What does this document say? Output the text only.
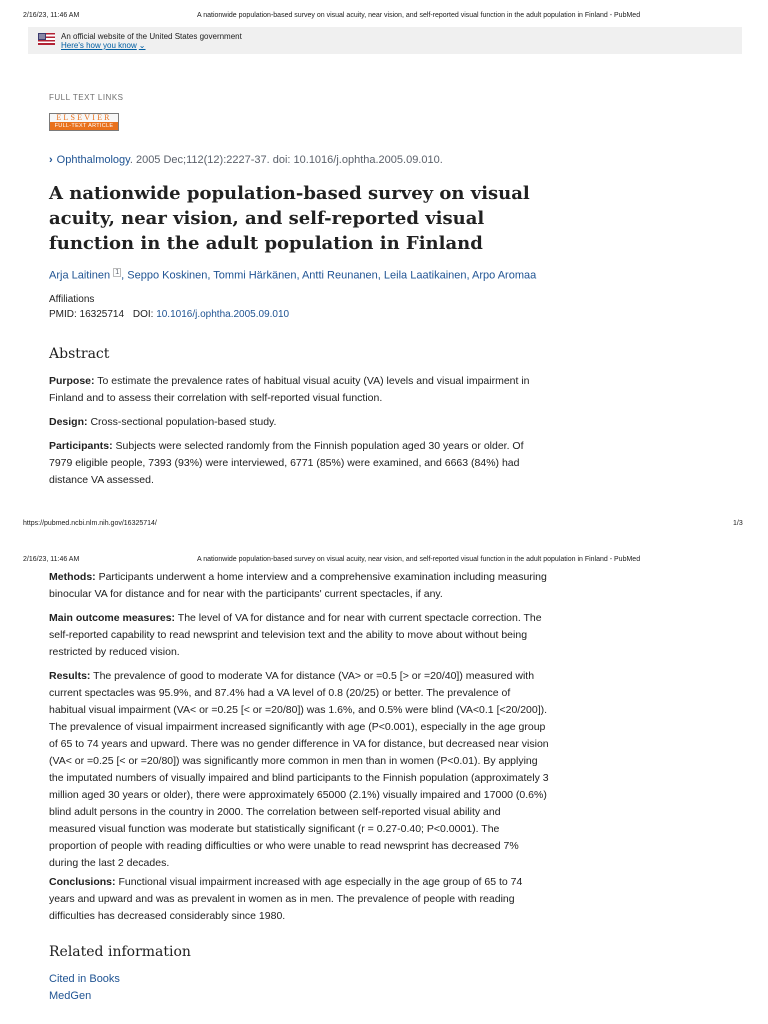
2/16/23, 11:46 AM	A nationwide population-based survey on visual acuity, near vision, and self-reported visual function in the adult population in Finland - PubMed
An official website of the United States government
Here's how you know ⌄
FULL TEXT LINKS
ELSEVIER
FULL-TEXT ARTICLE
› Ophthalmology. 2005 Dec;112(12):2227-37. doi: 10.1016/j.ophtha.2005.09.010.
A nationwide population-based survey on visual acuity, near vision, and self-reported visual function in the adult population in Finland
Arja Laitinen $^1$ , Seppo Koskinen, Tommi Härkänen, Antti Reunanen, Leila Laatikainen, Arpo Aromaa
Affiliations
PMID: 16325714 DOI: 10.1016/j.ophtha.2005.09.010
Abstract
Purpose: To estimate the prevalence rates of habitual visual acuity (VA) levels and visual impairment in Finland and to assess their correlation with self-reported visual function.
Design: Cross-sectional population-based study.
Participants: Subjects were selected randomly from the Finnish population aged 30 years or older. Of 7979 eligible people, 7393 (93%) were interviewed, 6771 (85%) were examined, and 6663 (84%) had distance VA assessed.
https://pubmed.ncbi.nlm.nih.gov/16325714/	1/3
2/16/23, 11:46 AM	A nationwide population-based survey on visual acuity, near vision, and self-reported visual function in the adult population in Finland - PubMed
Methods: Participants underwent a home interview and a comprehensive examination including measuring binocular VA for distance and for near with the participants' current spectacles, if any.
Main outcome measures: The level of VA for distance and for near with current spectacle correction. The self-reported capability to read newsprint and television text and the ability to move about without being restricted by reduced vision.
Results: The prevalence of good to moderate VA for distance (VA> or =0.5 [> or =20/40]) measured with current spectacles was 95.9%, and 87.4% had a VA level of 0.8 (20/25) or better. The prevalence of habitual visual impairment (VA< or =0.25 [< or =20/80]) was 1.6%, and 0.5% were blind (VA<0.1 [<20/200]). The prevalence of visual impairment increased significantly with age (P<0.001), especially in the age group of 65 to 74 years and upward. There was no gender difference in VA for distance, but decreased near vision (VA< or =0.25 [< or =20/80]) was significantly more common in men than in women (P<0.01). By applying the imputated numbers of visually impaired and blind participants to the Finnish population (approximately 3 million aged 30 years or older), there were approximately 65000 (2.1%) visually impaired and 17000 (0.6%) blind adult persons in the country in 2000. The correlation between self-reported visual ability and measured visual function was moderate but statistically significant (r = 0.27-0.40; P<0.0001). The proportion of people with reading difficulties or who were unable to read newsprint has decreased 7% during the last 2 decades.
Conclusions: Functional visual impairment increased with age especially in the age group of 65 to 74 years and upward and was as prevalent in women as in men. The prevalence of people with reading difficulties has decreased considerably since 1980.
Related information
Cited in Books
MedGen
